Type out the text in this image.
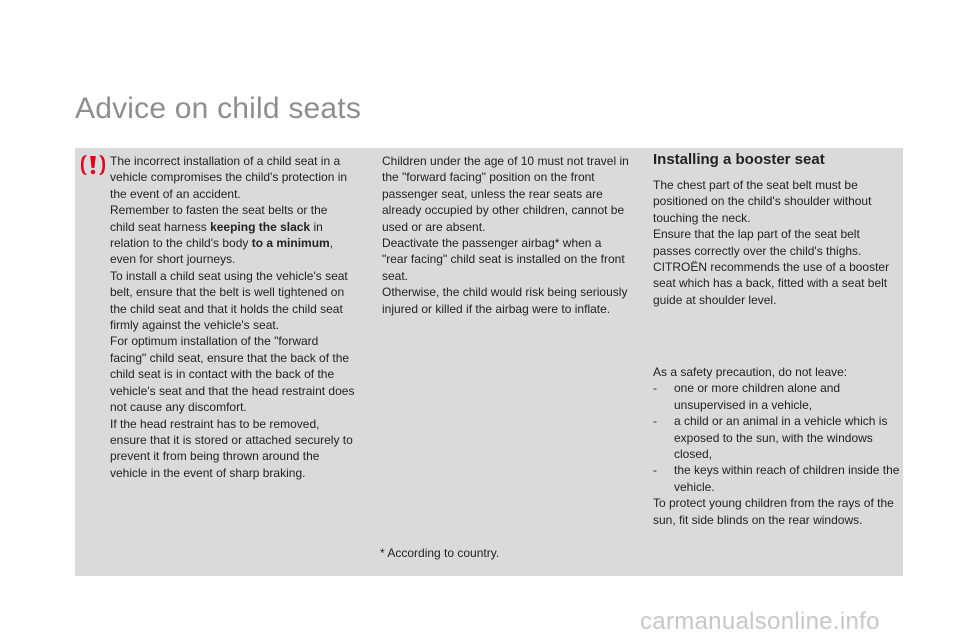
Advice on child seats

The incorrect installation of a child seat in a vehicle compromises the child's protection in the event of an accident.

Remember to fasten the seat belts or the child seat harness keeping the slack in relation to the child's body to a minimum, even for short journeys.

To install a child seat using the vehicle's seat belt, ensure that the belt is well tightened on the child seat and that it holds the child seat firmly against the vehicle's seat.

For optimum installation of the "forward facing" child seat, ensure that the back of the child seat is in contact with the back of the vehicle's seat and that the head restraint does not cause any discomfort.

If the head restraint has to be removed, ensure that it is stored or attached securely to prevent it from being thrown around the vehicle in the event of sharp braking.

Children under the age of 10 must not travel in the "forward facing" position on the front passenger seat, unless the rear seats are already occupied by other children, cannot be used or are absent.

Deactivate the passenger airbag* when a "rear facing" child seat is installed on the front seat.

Otherwise, the child would risk being seriously injured or killed if the airbag were to inflate.

Installing a booster seat

The chest part of the seat belt must be positioned on the child's shoulder without touching the neck.

Ensure that the lap part of the seat belt passes correctly over the child's thighs.

CITROËN recommends the use of a booster seat which has a back, fitted with a seat belt guide at shoulder level.

As a safety precaution, do not leave:

-	one or more children alone and unsupervised in a vehicle,
-	a child or an animal in a vehicle which is exposed to the sun, with the windows closed,
-	the keys within reach of children inside the vehicle.

To protect young children from the rays of the sun, fit side blinds on the rear windows.

* According to country.
carmanualsonline.info
